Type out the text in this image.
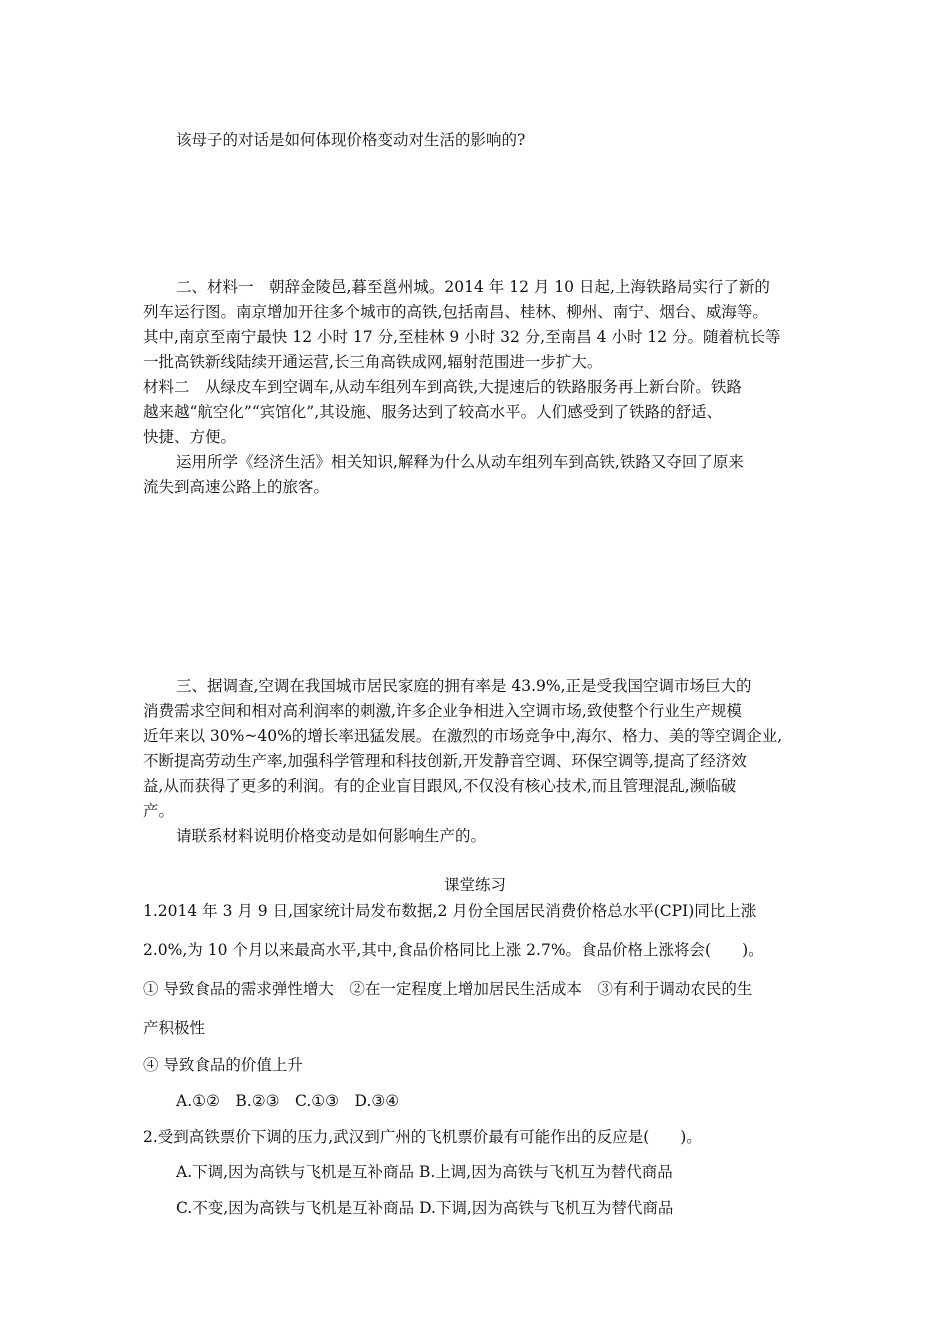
该母子的对话是如何体现价格变动对生活的影响的?
二、材料一　朝辞金陵邑,暮至邕州城。2014 年 12 月 10 日起,上海铁路局实行了新的
列车运行图。南京增加开往多个城市的高铁,包括南昌、桂林、柳州、南宁、烟台、威海等。
其中,南京至南宁最快 12 小时 17 分,至桂林 9 小时 32 分,至南昌 4 小时 12 分。随着杭长等
一批高铁新线陆续开通运营,长三角高铁成网,辐射范围进一步扩大。
材料二　从绿皮车到空调车,从动车组列车到高铁,大提速后的铁路服务再上新台阶。铁路
越来越“航空化”“宾馆化”,其设施、服务达到了较高水平。人们感受到了铁路的舒适、
快捷、方便。
运用所学《经济生活》相关知识,解释为什么从动车组列车到高铁,铁路又夺回了原来
流失到高速公路上的旅客。
三、据调查,空调在我国城市居民家庭的拥有率是 43.9%,正是受我国空调市场巨大的
消费需求空间和相对高利润率的刺激,许多企业争相进入空调市场,致使整个行业生产规模
近年来以 30%~40%的增长率迅猛发展。在激烈的市场竞争中,海尔、格力、美的等空调企业,
不断提高劳动生产率,加强科学管理和科技创新,开发静音空调、环保空调等,提高了经济效
益,从而获得了更多的利润。有的企业盲目跟风,不仅没有核心技术,而且管理混乱,濒临破
产。
请联系材料说明价格变动是如何影响生产的。
课堂练习
1.2014 年 3 月 9 日,国家统计局发布数据,2 月份全国居民消费价格总水平(CPI)同比上涨
2.0%,为 10 个月以来最高水平,其中,食品价格同比上涨 2.7%。食品价格上涨将会(　　)。
① 导致食品的需求弹性增大　②在一定程度上增加居民生活成本　③有利于调动农民的生
产积极性
④ 导致食品的价值上升
A.①②　B.②③　C.①③　D.③④
2.受到高铁票价下调的压力,武汉到广州的飞机票价最有可能作出的反应是(　　)。
A.下调,因为高铁与飞机是互补商品 B.上调,因为高铁与飞机互为替代商品
C.不变,因为高铁与飞机是互补商品 D.下调,因为高铁与飞机互为替代商品
